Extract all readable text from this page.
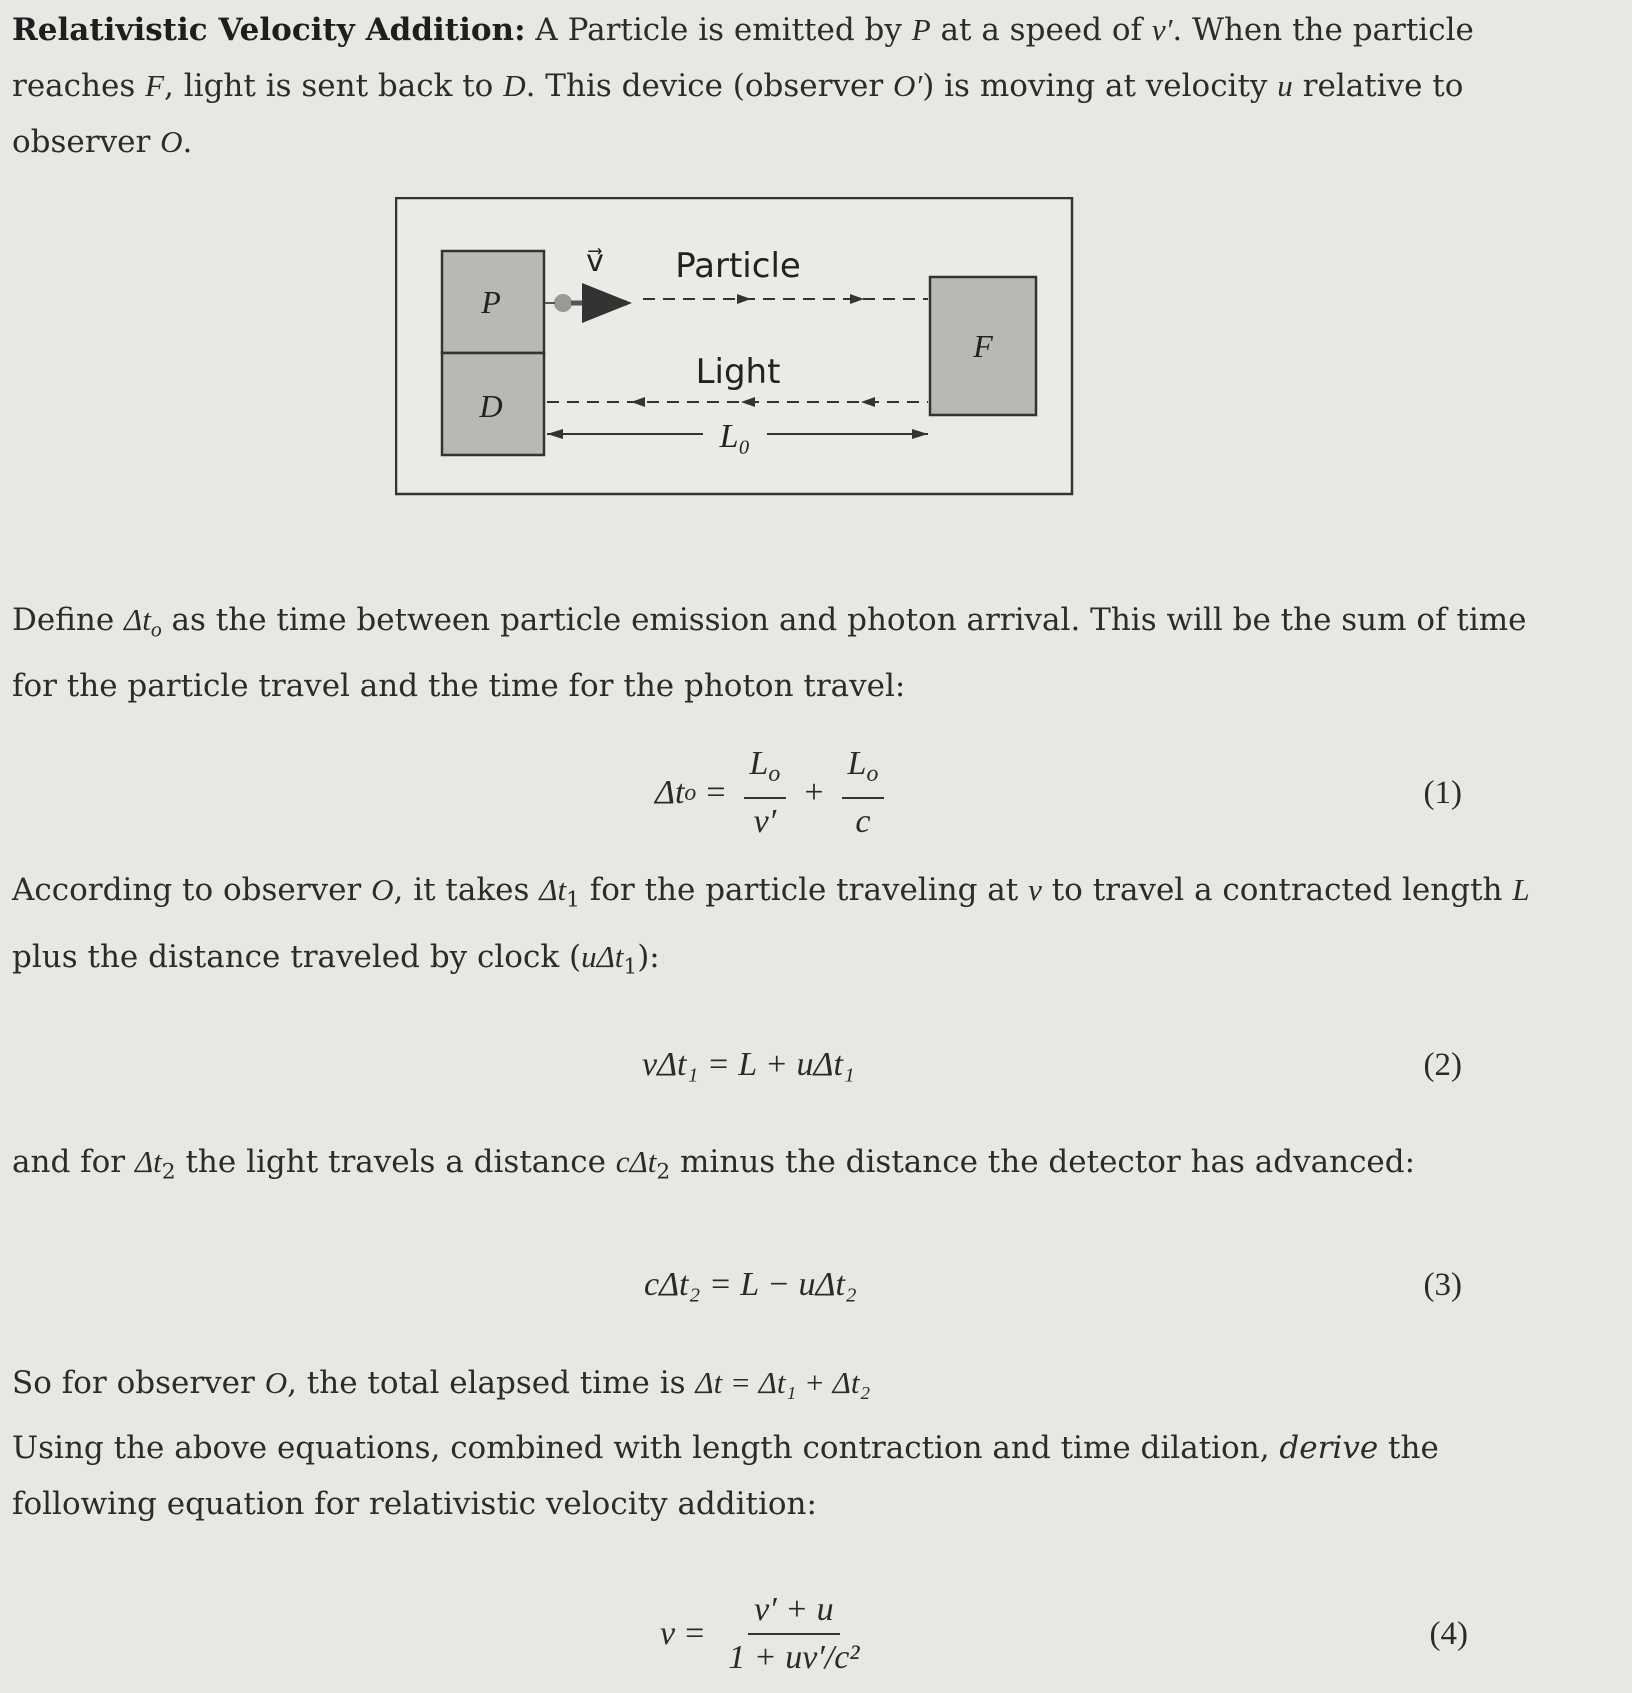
Relativistic Velocity Addition: A Particle is emitted by P at a speed of v′. When the particle reaches F, light is sent back to D. This device (observer O′) is moving at velocity u relative to observer O.
P
D
F
v⃗ Particle
Light
L₀
Define $\Delta t_o$ as the time between particle emission and photon arrival. This will be the sum of time for the particle travel and the time for the photon travel:
Δt $o = \frac{L_o}{v'} + \frac{L_o}{c}$	(1)
According to observer O, it takes $\Delta t_1$ for the particle traveling at v to travel a contracted length L plus the distance traveled by clock (uΔt$_1$):
vΔt₁ = L + uΔt₁	(2)
and for $\Delta t_2$ the light travels a distance cΔt$_2$ minus the distance the detector has advanced:
cΔt₂ = L − uΔt₂	(3)
So for observer O, the total elapsed time is Δt = Δt₁ + Δt₂
Using the above equations, combined with length contraction and time dilation, derive the following equation for relativistic velocity addition:
$v = \frac{v' + u}{\text{1 + uv′/c²}}$	(4)
